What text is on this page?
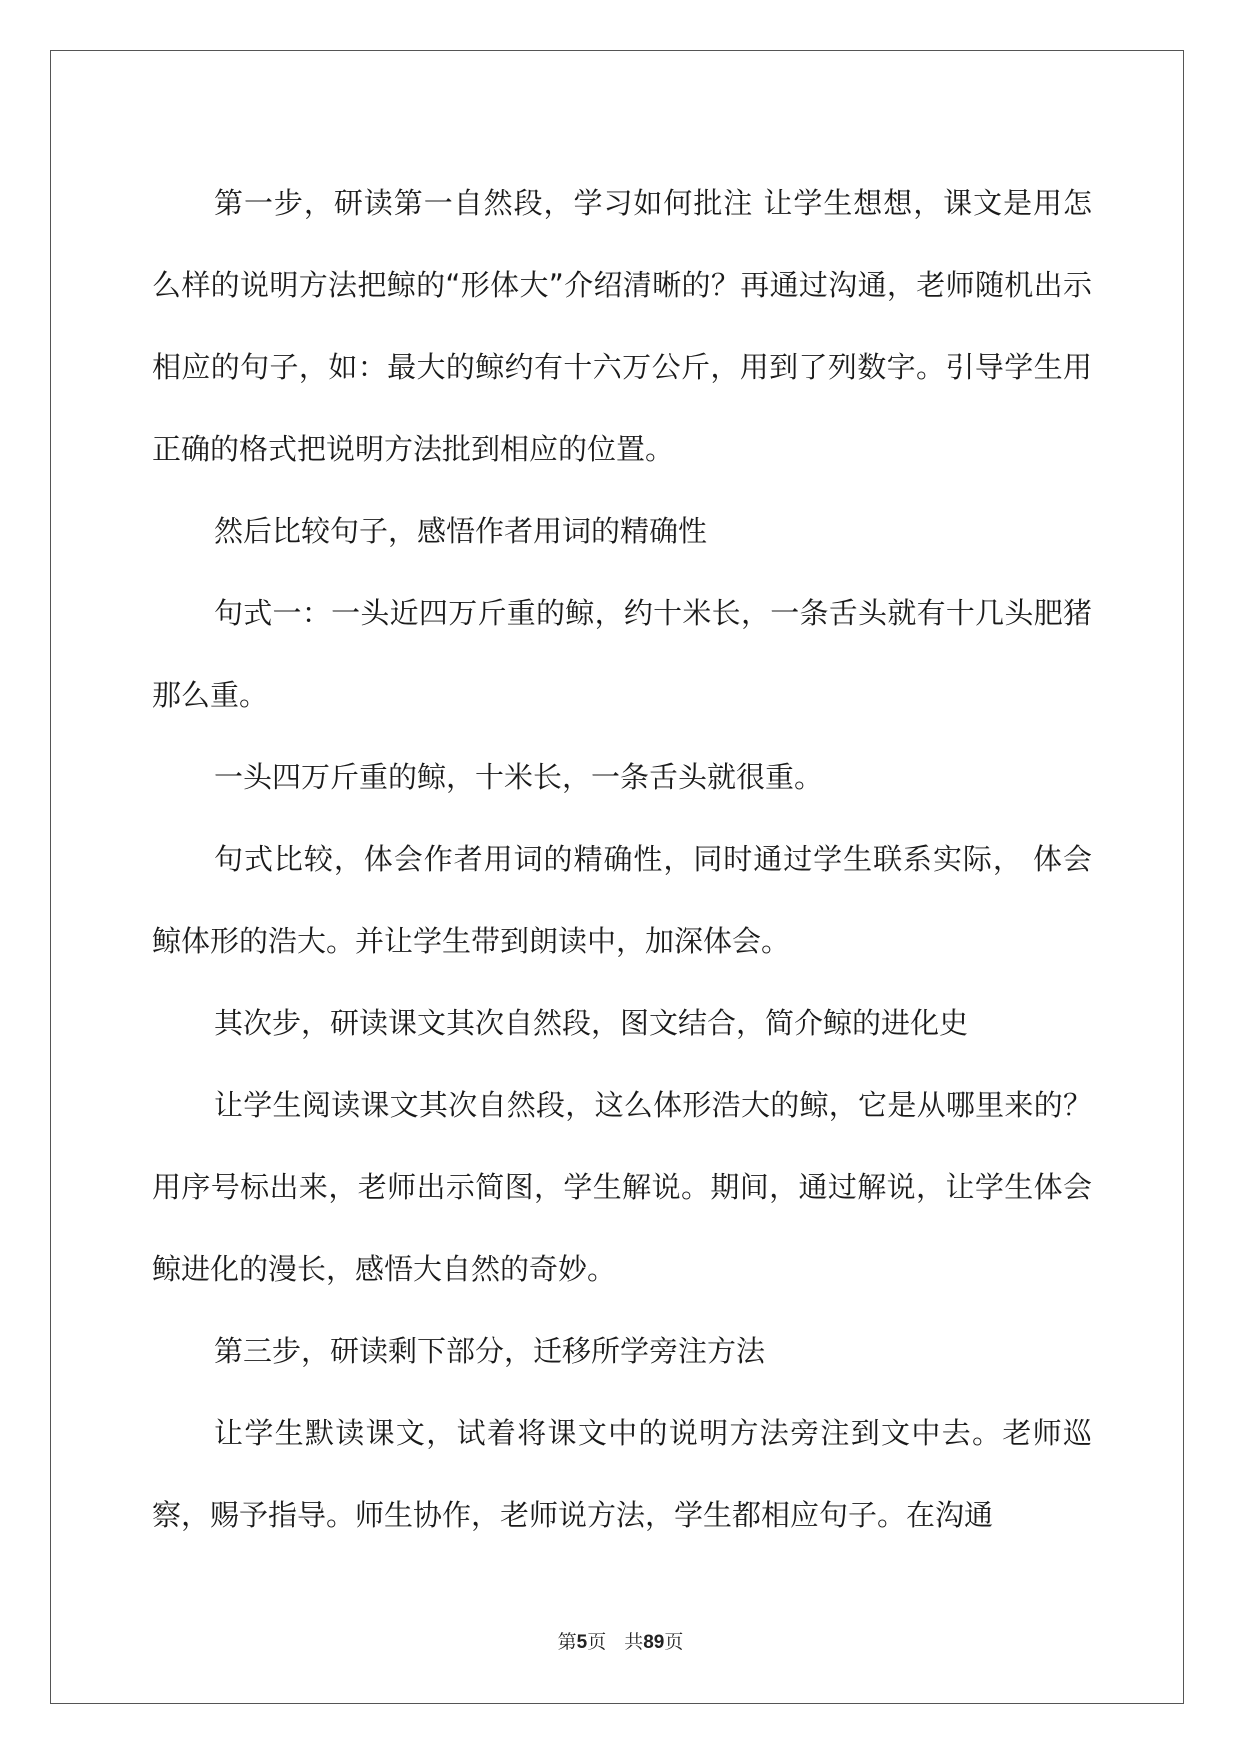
第一步，研读第一自然段，学习如何批注 让学生想想，课文是用怎么样的说明方法把鲸的“形体大”介绍清晰的？再通过沟通，老师随机出示相应的句子，如：最大的鲸约有十六万公斤，用到了列数字。引导学生用正确的格式把说明方法批到相应的位置。

然后比较句子，感悟作者用词的精确性

句式一：一头近四万斤重的鲸，约十米长，一条舌头就有十几头肥猪那么重。

一头四万斤重的鲸，十米长，一条舌头就很重。

句式比较，体会作者用词的精确性，同时通过学生联系实际， 体会鲸体形的浩大。并让学生带到朗读中，加深体会。

其次步，研读课文其次自然段，图文结合，简介鲸的进化史

让学生阅读课文其次自然段，这么体形浩大的鲸，它是从哪里来的？用序号标出来，老师出示简图，学生解说。期间，通过解说，让学生体会鲸进化的漫长，感悟大自然的奇妙。

第三步，研读剩下部分，迁移所学旁注方法

让学生默读课文，试着将课文中的说明方法旁注到文中去。老师巡察，赐予指导。师生协作，老师说方法，学生都相应句子。在沟通

第5页 共89页
